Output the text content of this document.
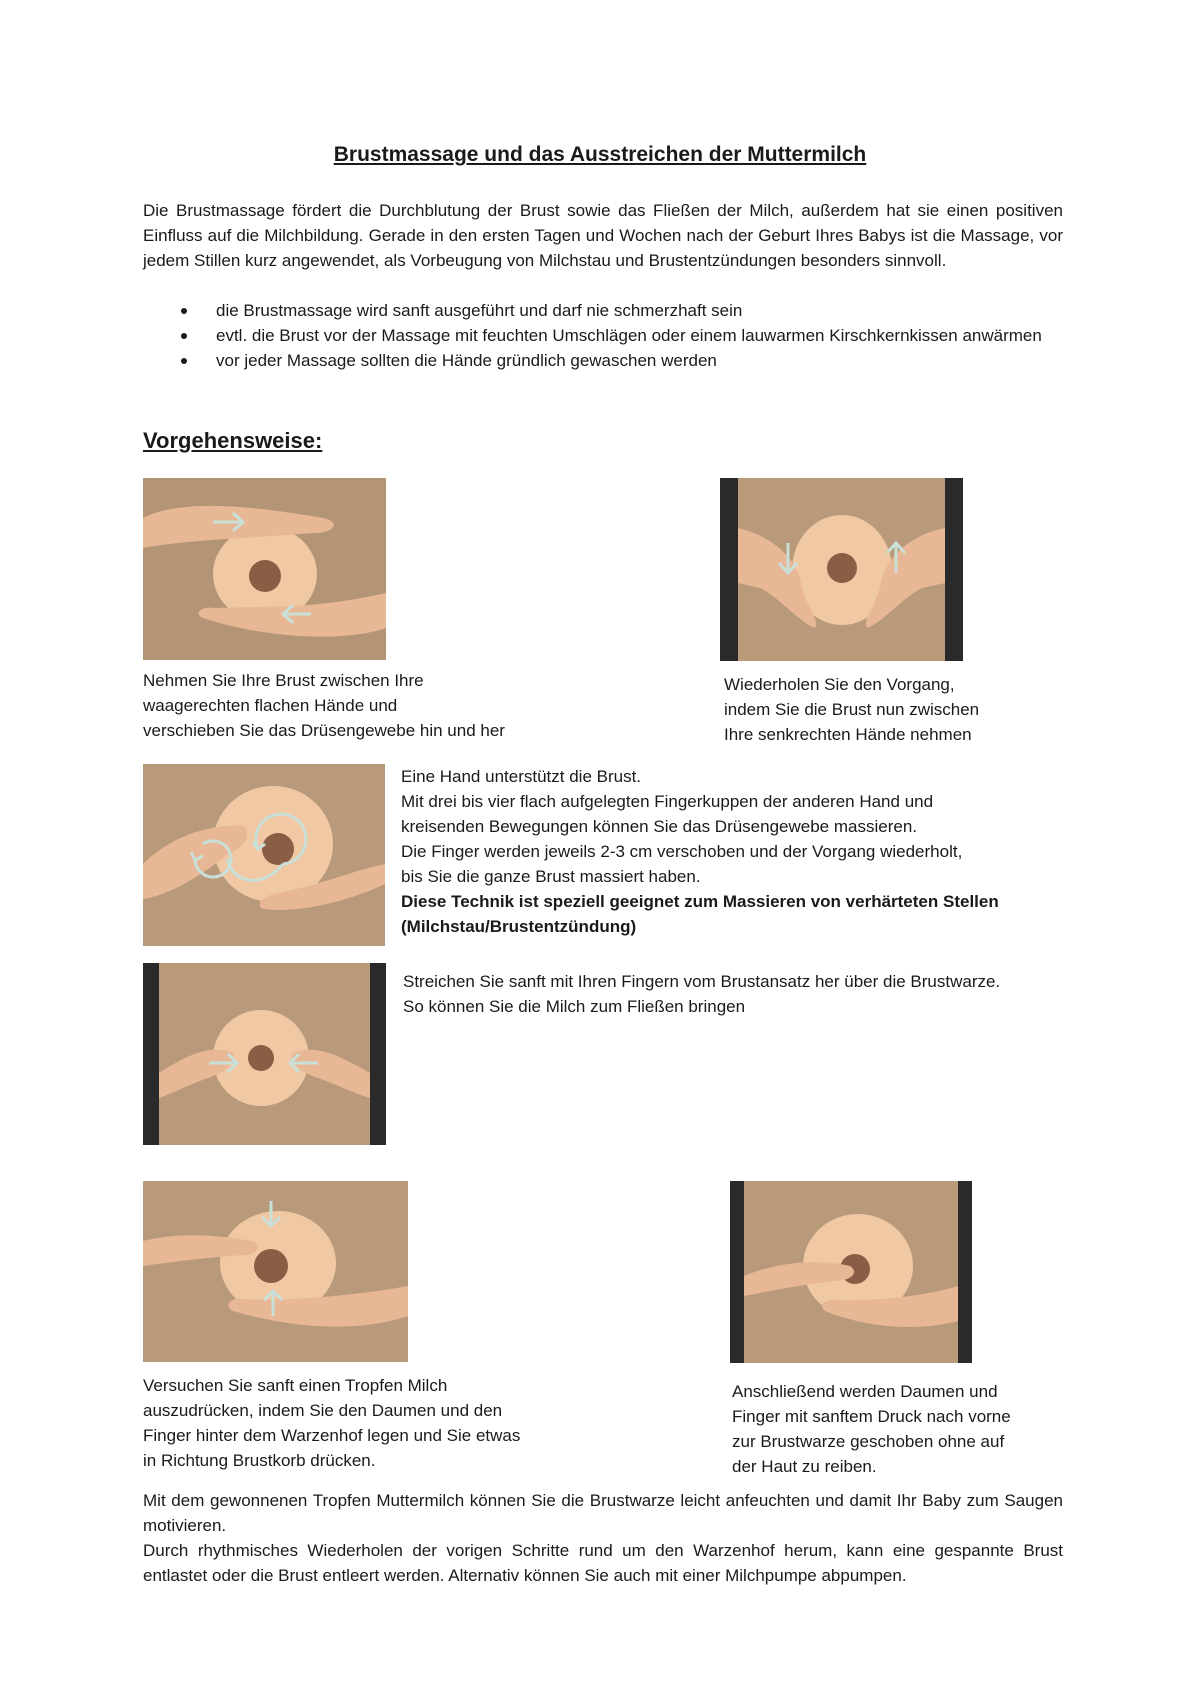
Brustmassage und das Ausstreichen der Muttermilch
Die Brustmassage fördert die Durchblutung der Brust sowie das Fließen der Milch, außerdem hat sie einen positiven Einfluss auf die Milchbildung. Gerade in den ersten Tagen und Wochen nach der Geburt Ihres Babys ist die Massage, vor jedem Stillen kurz angewendet, als Vorbeugung von Milchstau und Brustentzündungen besonders sinnvoll.
die Brustmassage wird sanft ausgeführt und darf nie schmerzhaft sein
evtl. die Brust vor der Massage mit feuchten Umschlägen oder einem lauwarmen Kirschkernkissen anwärmen
vor jeder Massage sollten die Hände gründlich gewaschen werden
Vorgehensweise:
Nehmen Sie Ihre Brust zwischen Ihre
waagerechten flachen Hände und
verschieben Sie das Drüsengewebe hin und her
Wiederholen Sie den Vorgang,
indem Sie die Brust nun zwischen
Ihre senkrechten Hände nehmen
Eine Hand unterstützt die Brust.
Mit drei bis vier flach aufgelegten Fingerkuppen der anderen Hand und
kreisenden Bewegungen können Sie das Drüsengewebe massieren.
Die Finger werden jeweils 2-3 cm verschoben und der Vorgang wiederholt,
bis Sie die ganze Brust massiert haben.
Diese Technik ist speziell geeignet zum Massieren von verhärteten Stellen
(Milchstau/Brustentzündung)
Streichen Sie sanft mit Ihren Fingern vom Brustansatz her über die Brustwarze.
So können Sie die Milch zum Fließen bringen
Versuchen Sie sanft einen Tropfen Milch
auszudrücken, indem Sie den Daumen und den
Finger hinter dem Warzenhof legen und Sie etwas
in Richtung Brustkorb drücken.
Anschließend werden Daumen und
Finger mit sanftem Druck nach vorne
zur Brustwarze geschoben ohne auf
der Haut zu reiben.
Mit dem gewonnenen Tropfen Muttermilch können Sie die Brustwarze leicht anfeuchten und damit Ihr Baby zum Saugen motivieren.
Durch rhythmisches Wiederholen der vorigen Schritte rund um den Warzenhof herum, kann eine gespannte Brust entlastet oder die Brust entleert werden. Alternativ können Sie auch mit einer Milchpumpe abpumpen.
